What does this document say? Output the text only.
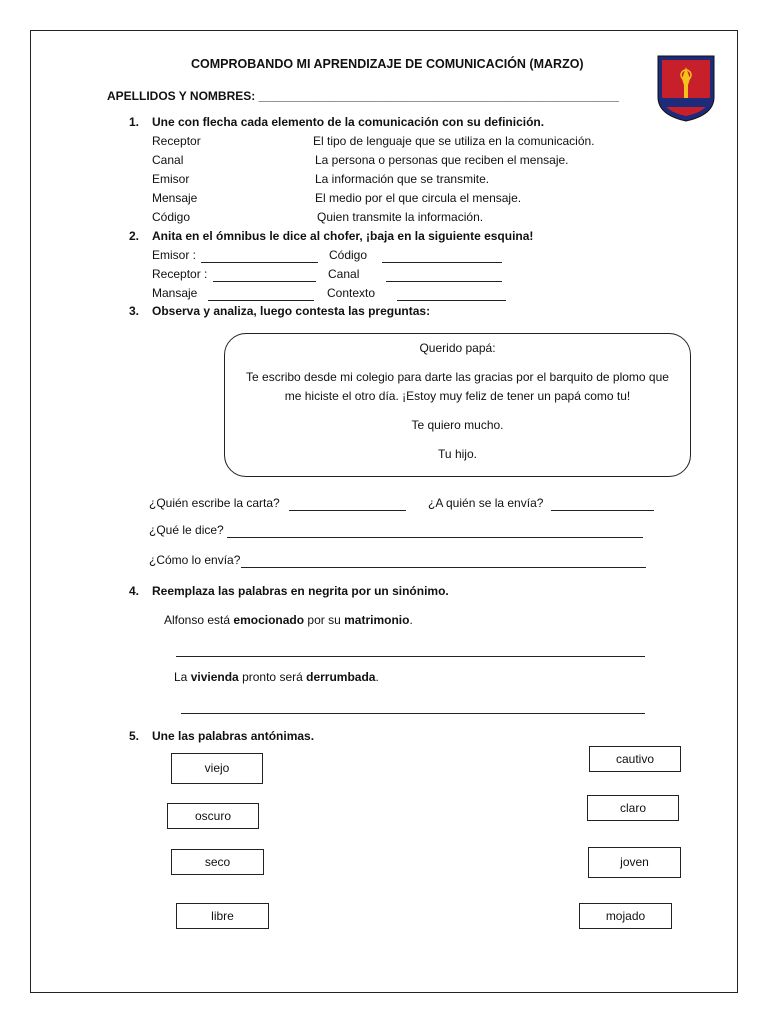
COMPROBANDO MI APRENDIZAJE DE COMUNICACIÓN (MARZO)
APELLIDOS Y NOMBRES: ______________________________________________________
1. Une con flecha cada elemento de la comunicación con su definición.
Receptor
Canal
Emisor
Mensaje
Código
El tipo de lenguaje que se utiliza en la comunicación.
La persona o personas que reciben el mensaje.
La información que se transmite.
El medio por el que circula el mensaje.
Quien transmite la información.
2. Anita en el ómnibus le dice al chofer, ¡baja en la siguiente esquina!
Emisor :
Receptor :
Mansaje
Código
Canal
Contexto
3. Observa y analiza, luego contesta las preguntas:
Querido papá:
Te escribo desde mi colegio para darte las gracias por el barquito de plomo que
me hiciste el otro día. ¡Estoy muy feliz de tener un papá como tu!
Te quiero mucho.
Tu hijo.
¿Quién escribe la carta?	¿A quién se la envía?
¿Qué le dice?
¿Cómo lo envía?
4. Reemplaza las palabras en negrita por un sinónimo.
Alfonso está emocionado por su matrimonio.
La vivienda pronto será derrumbada.
5. Une las palabras antónimas.
viejo
oscuro
seco
libre
cautivo
claro
joven
mojado
